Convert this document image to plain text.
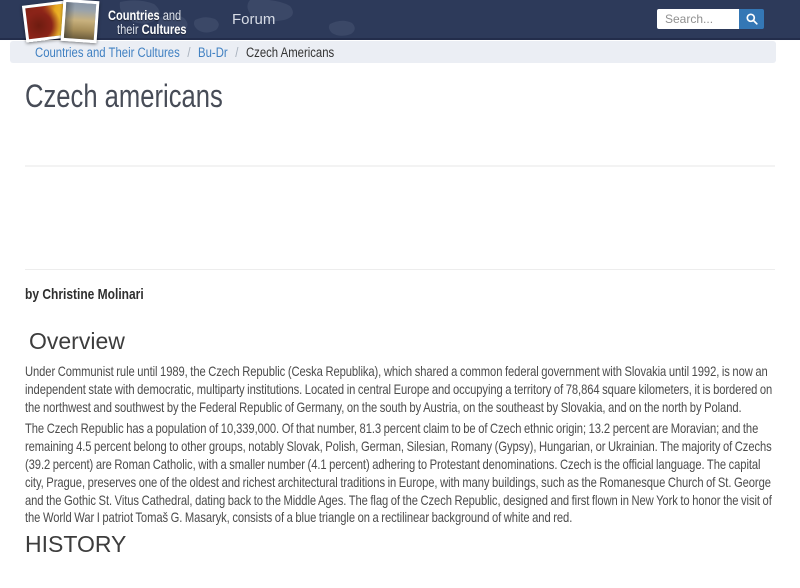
Countries and
their Cultures
Forum
Search...
Countries and Their Cultures / Bu-Dr / Czech Americans
Czech americans

by Christine Molinari

Overview

Under Communist rule until 1989, the Czech Republic (Ceska Republika), which shared a common federal government with Slovakia until 1992, is now an independent state with democratic, multiparty institutions. Located in central Europe and occupying a territory of 78,864 square kilometers, it is bordered on the northwest and southwest by the Federal Republic of Germany, on the south by Austria, on the southeast by Slovakia, and on the north by Poland.

The Czech Republic has a population of 10,339,000. Of that number, 81.3 percent claim to be of Czech ethnic origin; 13.2 percent are Moravian; and the remaining 4.5 percent belong to other groups, notably Slovak, Polish, German, Silesian, Romany (Gypsy), Hungarian, or Ukrainian. The majority of Czechs (39.2 percent) are Roman Catholic, with a smaller number (4.1 percent) adhering to Protestant denominations. Czech is the official language. The capital city, Prague, preserves one of the oldest and richest architectural traditions in Europe, with many buildings, such as the Romanesque Church of St. George and the Gothic St. Vitus Cathedral, dating back to the Middle Ages. The flag of the Czech Republic, designed and first flown in New York to honor the visit of the World War I patriot Tomaš G. Masaryk, consists of a blue triangle on a rectilinear background of white and red.

HISTORY
